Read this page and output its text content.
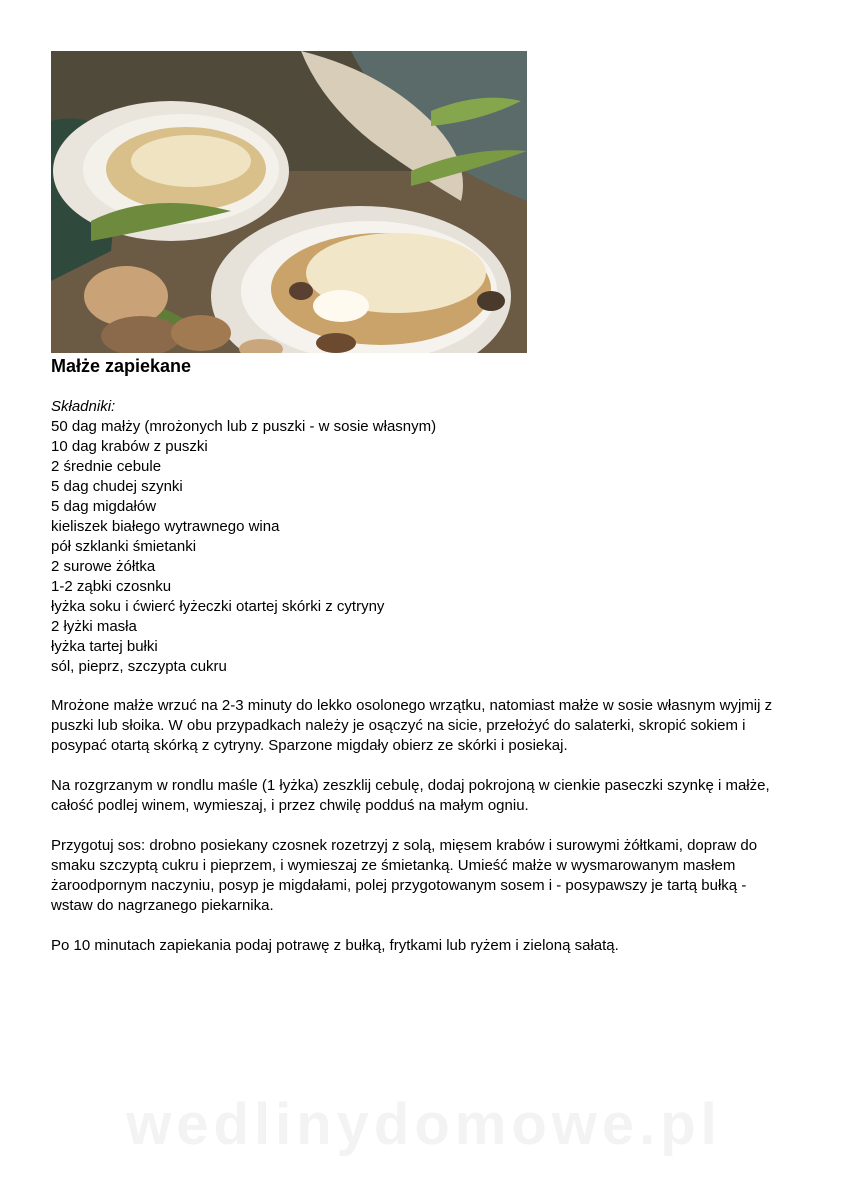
Małże zapiekane
Składniki:
50 dag małży (mrożonych lub z puszki - w sosie własnym)
10 dag krabów z puszki
2 średnie cebule
5 dag chudej szynki
5 dag migdałów
kieliszek białego wytrawnego wina
pół szklanki śmietanki
2 surowe żółtka
1-2 ząbki czosnku
łyżka soku i ćwierć łyżeczki otartej skórki z cytryny
2 łyżki masła
łyżka tartej bułki
sól, pieprz, szczypta cukru

Mrożone małże wrzuć na 2-3 minuty do lekko osolonego wrzątku, natomiast małże w sosie własnym wyjmij z puszki lub słoika. W obu przypadkach należy je osączyć na sicie, przełożyć do salaterki, skropić sokiem i posypać otartą skórką z cytryny. Sparzone migdały obierz ze skórki i posiekaj.

Na rozgrzanym w rondlu maśle (1 łyżka) zeszklij cebulę, dodaj pokrojoną w cienkie paseczki szynkę i małże, całość podlej winem, wymieszaj, i przez chwilę podduś na małym ogniu.

Przygotuj sos: drobno posiekany czosnek rozetrzyj z solą, mięsem krabów i surowymi żółtkami, dopraw do smaku szczyptą cukru i pieprzem, i wymieszaj ze śmietanką. Umieść małże w wysmarowanym masłem żaroodpornym naczyniu, posyp je migdałami, polej przygotowanym sosem i - posypawszy je tartą bułką - wstaw do nagrzanego piekarnika.

Po 10 minutach zapiekania podaj potrawę z bułką, frytkami lub ryżem i zieloną sałatą.

wedlinydomowe.pl
